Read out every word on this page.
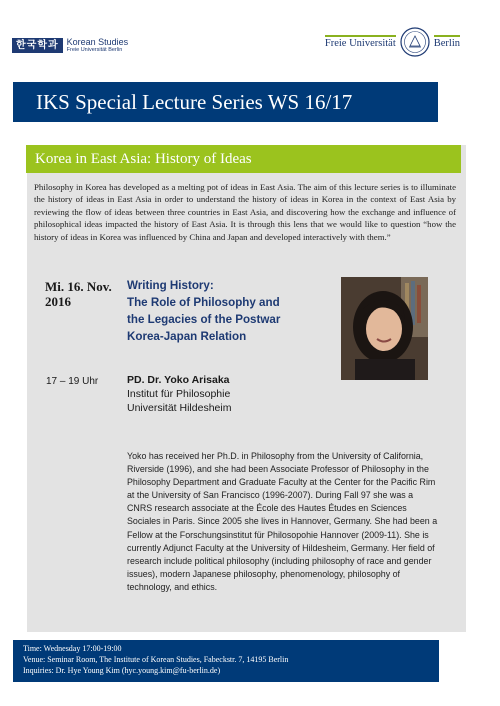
한국학과 Korean Studies
Freie Universität Berlin
Freie Universität	Berlin
IKS Special Lecture Series WS 16/17
Korea in East Asia: History of Ideas

Philosophy in Korea has developed as a melting pot of ideas in East Asia. The aim of this lecture series is to illuminate the history of ideas in East Asia in order to understand the history of ideas in Korea in the context of East Asia by reviewing the flow of ideas between three countries in East Asia, and discovering how the exchange and influence of philosophical ideas impacted the history of East Asia. It is through this lens that we would like to question “how the history of ideas in Korea was influenced by China and Japan and developed interactively with them.”

Mi. 16. Nov.
2016
17 – 19 Uhr
Writing History:
The Role of Philosophy and
the Legacies of the Postwar
Korea-Japan Relation
PD. Dr. Yoko Arisaka
Institut für Philosophie
Universität Hildesheim

Yoko has received her Ph.D. in Philosophy from the University of California, Riverside (1996), and she had been Associate Professor of Philosophy in the Philosophy Department and Graduate Faculty at the Center for the Pacific Rim at the University of San Francisco (1996-2007). During Fall 97 she was a CNRS research associate at the École des Hautes Études en Sciences Sociales in Paris. Since 2005 she lives in Hannover, Germany. She had been a Fellow at the Forschungsinstitut für Philosopohie Hannover (2009-11). She is currently Adjunct Faculty at the University of Hildesheim, Germany. Her field of research include political philosophy (including philosophy of race and gender issues), modern Japanese philosophy, phenomenology, philosophy of technology, and ethics.

Time: Wednesday 17:00-19:00
Venue: Seminar Room, The Institute of Korean Studies, Fabeckstr. 7, 14195 Berlin
Inquiries: Dr. Hye Young Kim (hyc.young.kim@fu-berlin.de)
